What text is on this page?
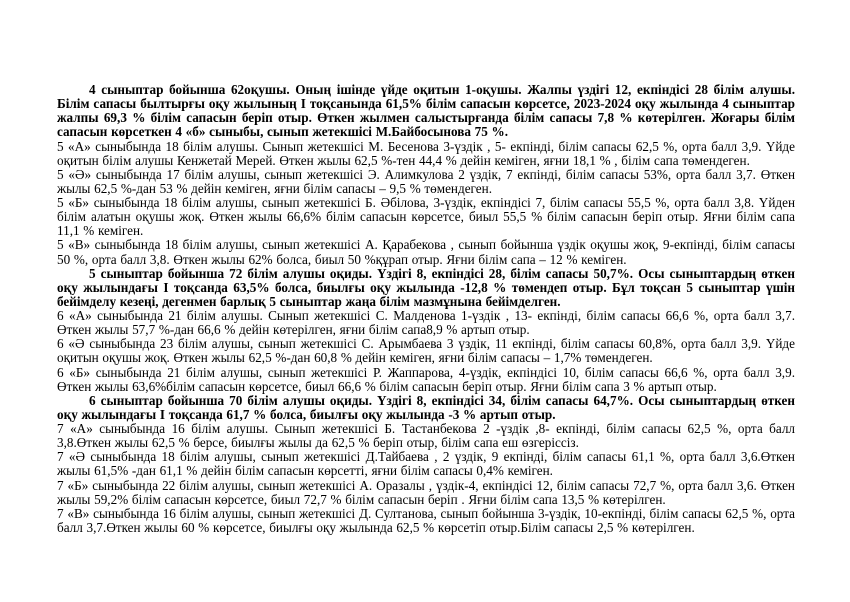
4 сыныптар бойынша 62оқушы. Оның ішінде үйде оқитын 1-оқушы. Жалпы үздігі 12, екпіндісі 28 білім алушы. Білім сапасы былтырғы оқу жылының I тоқсанында 61,5% білім сапасын көрсетсе, 2023-2024 оқу жылында 4 сыныптар жалпы 69,3 % білім сапасын беріп отыр. Өткен жылмен салыстырғанда білім сапасы 7,8 % көтерілген. Жоғары білім сапасын көрсеткен 4 «б» сыныбы, сынып жетекшісі М.Байбосынова 75 %.

5 «А» сыныбында 18 білім алушы. Сынып жетекшісі М. Бесенова 3-үздік , 5- екпінді, білім сапасы 62,5 %, орта балл 3,9. Үйде оқитын білім алушы Кенжетай Мерей. Өткен жылы 62,5 %-тен 44,4 % дейін кеміген, яғни 18,1 % , білім сапа төмендеген.

5 «Ә» сыныбында 17 білім алушы, сынып жетекшісі Э. Алимкулова 2 үздік, 7 екпінді, білім сапасы 53%, орта балл 3,7. Өткен жылы 62,5 %-дан 53 % дейін кеміген, яғни білім сапасы – 9,5 % төмендеген.

5 «Б» сыныбында 18 білім алушы, сынып жетекшісі Б. Әбілова, 3-үздік, екпіндісі 7, білім сапасы 55,5 %, орта балл 3,8. Үйден білім алатын оқушы жоқ. Өткен жылы 66,6% білім сапасын көрсетсе, биыл 55,5 % білім сапасын беріп отыр. Яғни білім сапа 11,1 % кеміген.

5 «В» сыныбында 18 білім алушы, сынып жетекшісі А. Қарабекова , сынып бойынша үздік оқушы жоқ, 9-екпінді, білім сапасы 50 %, орта балл 3,8. Өткен жылы 62% болса, биыл 50 %құрап отыр. Яғни білім сапа – 12 % кеміген.

5 сыныптар бойынша 72 білім алушы оқиды. Үздігі 8, екпіндісі 28, білім сапасы 50,7%. Осы сыныптардың өткен оқу жылындағы I тоқсанда 63,5% болса, биылғы оқу жылында -12,8 % төмендеп отыр. Бұл тоқсан 5 сыныптар үшін бейімделу кезеңі, дегенмен барлық 5 сыныптар жаңа білім мазмұнына бейімделген.

6 «А» сыныбында 21 білім алушы. Сынып жетекшісі С. Малденова 1-үздік , 13- екпінді, білім сапасы 66,6 %, орта балл 3,7. Өткен жылы 57,7 %-дан 66,6 % дейін көтерілген, яғни білім сапа8,9 % артып отыр.

6 «Ә сыныбында 23 білім алушы, сынып жетекшісі С. Арымбаева 3 үздік, 11 екпінді, білім сапасы 60,8%, орта балл 3,9. Үйде оқитын оқушы жоқ. Өткен жылы 62,5 %-дан 60,8 % дейін кеміген, яғни білім сапасы – 1,7% төмендеген.

6 «Б» сыныбында 21 білім алушы, сынып жетекшісі Р. Жаппарова, 4-үздік, екпіндісі 10, білім сапасы 66,6 %, орта балл 3,9. Өткен жылы 63,6%білім сапасын көрсетсе, биыл 66,6 % білім сапасын беріп отыр. Яғни білім сапа 3 % артып отыр.

6 сыныптар бойынша 70 білім алушы оқиды. Үздігі 8, екпіндісі 34, білім сапасы 64,7%. Осы сыныптардың өткен оқу жылындағы I тоқсанда 61,7 % болса, биылғы оқу жылында -3 % артып отыр.

7 «А» сыныбында 16 білім алушы. Сынып жетекшісі Б. Тастанбекова 2 -үздік ,8- екпінді, білім сапасы 62,5 %, орта балл 3,8.Өткен жылы 62,5 % берсе, биылғы жылы да 62,5 % беріп отыр, білім сапа еш өзгеріссіз.

7 «Ә сыныбында 18 білім алушы, сынып жетекшісі Д.Тайбаева , 2 үздік, 9 екпінді, білім сапасы 61,1 %, орта балл 3,6.Өткен жылы 61,5% -дан 61,1 % дейін білім сапасын көрсетті, яғни білім сапасы 0,4% кеміген.

7 «Б» сыныбында 22 білім алушы, сынып жетекшісі А. Оразалы , үздік-4, екпіндісі 12, білім сапасы 72,7 %, орта балл 3,6. Өткен жылы 59,2% білім сапасын көрсетсе, биыл 72,7 % білім сапасын беріп . Яғни білім сапа 13,5 % көтерілген.

7 «В» сыныбында 16 білім алушы, сынып жетекшісі Д. Султанова, сынып бойынша 3-үздік, 10-екпінді, білім сапасы 62,5 %, орта балл 3,7.Өткен жылы 60 % көрсетсе, биылғы оқу жылында 62,5 % көрсетіп отыр.Білім сапасы 2,5 % көтерілген.
